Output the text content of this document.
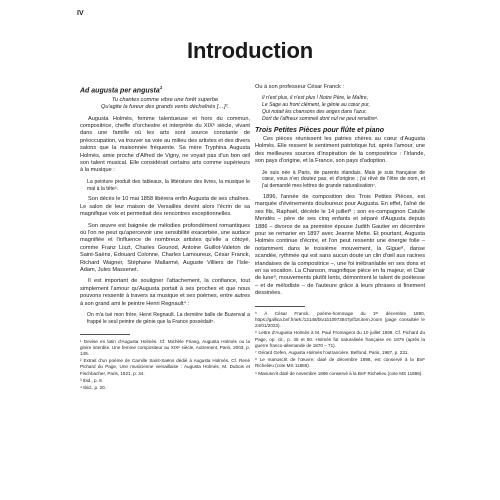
IV
Introduction
Ad augusta per angusta$^1$
Tu chantes comme vibre une forêt superbe
Qu'agite la fureur des grands vents déchaînés […]².

Augusta Holmès, femme talentueuse et hors du commun, compositrice, cheffe d'orchestre et interprète du XIXᵉ siècle, vivant dans une famille où les arts sont source constante de préoccupation, va trouver sa voie au milieu des artistes et des divers salons que la maisonnée fréquente. Sa mère Tryphina Augusta Holmès, amie proche d'Alfred de Vigny, ne voyait pas d'un bon œil son talent musical. Elle considérait certains arts comme supérieurs à la musique :

La peinture produit des tableaux, la littérature des livres, la musique le mal à la tête³.

Son décès le 10 mai 1858 libérera enfin Augusta de ses chaînes. Le salon de leur maison de Versailles devint alors l'écrin de sa magnifique voix et permettait des rencontres exceptionnelles.

Son œuvre est baignée de mélodies profondément romantiques où l'on ne peut qu'apercevoir une sensibilité exacerbée, une audace magnifiée et l'influence de nombreux artistes qu'elle a côtoyé, comme Franz Liszt, Charles Gounod, Antoine Guillot-Valeton de Saint-Saëns, Édouard Colonne, Charles Lamoureux, César Franck, Richard Wagner, Stéphane Mallarmé, Auguste Villiers de l'Isle-Adam, Jules Massenet.

Il est important de souligner l'attachement, la confiance, tout simplement l'amour qu'Augusta portait à ses proches et que nous pouvons ressentir à travers sa musique et ses poèmes, entre autres à son grand ami le peintre Henri Regnault⁴ :

On m'a tué mon frère, Henri Regnault. La dernière balle de Buzenval a frappé le seul peintre de génie que la France possédait⁵.
¹ Devise en latin d'Augusta Holmès. Cf. Michèle Friang, Augusta Holmès ou la gloire interdite. Une femme compositeur au XIXᵉ siècle, Autrement, Paris, 2003, p. 148.
² Extrait d'un poème de Camille Saint-Saëns dédié à Augusta Holmès. Cf. René Pichard du Page, Une musicienne versaillaise : Augusta Holmès, M. Dubois et Fischbacher, Paris, 1921, p. 34.
³ Ibid., p. 8.
⁴ Ibid., p. 20.

Ou à son professeur César Franck :

Il n'est plus, il n'est plus ! Notre Père, le Maître,
Le Sage au front clément, le génie au cœur pur,
Qui notait les chansons des anges dans l'azur,
Dort de l'affreux sommeil dont nul ne peut renaître⁶.
Trois Petites Pièces pour flûte et piano

Ces pièces réunissent les patries chères au cœur d'Augusta Holmès. Elle ressent le sentiment patriotique fut, après l'amour, une des meilleures sources d'inspiration de la compositrice : l'Irlande, son pays d'origine, et la France, son pays d'adoption.

Je suis née à Paris, de parents irlandais. Mais je suis française de cœur, vous n'en doutez pas, et d'origine ; j'ai rêvé de l'être de nom, et j'ai demandé mes lettres de grande naturalisation⁷.

1896, l'année de composition des Trois Petites Pièces, est marquée d'événements douloureux pour Augusta. En effet, l'aîné de ses fils, Raphaël, décède le 14 juillet⁸ ; son ex-compagnon Catulle Mendès – père de ses cinq enfants et séparé d'Augusta depuis 1886 – divorce de sa première épouse Judith Gautier en décembre pour se remarier en 1897 avec Jeanne Mette. Et pourtant, Augusta Holmès continue d'écrire, et l'on peut ressentir une énergie folle – notamment dans le troisième mouvement, la Gigue⁸, danse scandée, rythmée qui est sans aucun doute un clin d'œil aux racines irlandaises de la compositrice –, une foi inébranlable en ses dons et en sa vocation. La Chanson, magnifique pièce en fa majeur, et Clair de lune⁹, mouvements plutôt lents, démontrent le talent de poétesse – et de mélodiste – de l'auteure grâce à leurs phrases si finement dessinées.

⁵ À César Franck, poème-hommage du 1ᵉʳ décembre 1890, https://gallica.bnf.fr/ark:/12148/btv1b10973847p/f18.item.zoom (page consultée le 24/01/2023).
⁶ Lettre d'Augusta Holmès à M. Paul Fromageot du 10 juillet 1899. Cf. Pichard du Page, op. cit., p. 35 et 50. Holmès fut naturalisée française en 1879 (après la guerre franco-allemande de 1870 – 71).
⁷ Gérard Gefen, Augusta Holmès l'outrancière, Belfond, Paris, 1987, p. 231.
⁸ Le manuscrit de l'œuvre, daté de décembre 1896, est conservé à la BnF Richelieu (cote MS 11886).
⁹ Manuscrit daté de novembre 1896 conservé à la BnF Richelieu (cote MS 11886).
